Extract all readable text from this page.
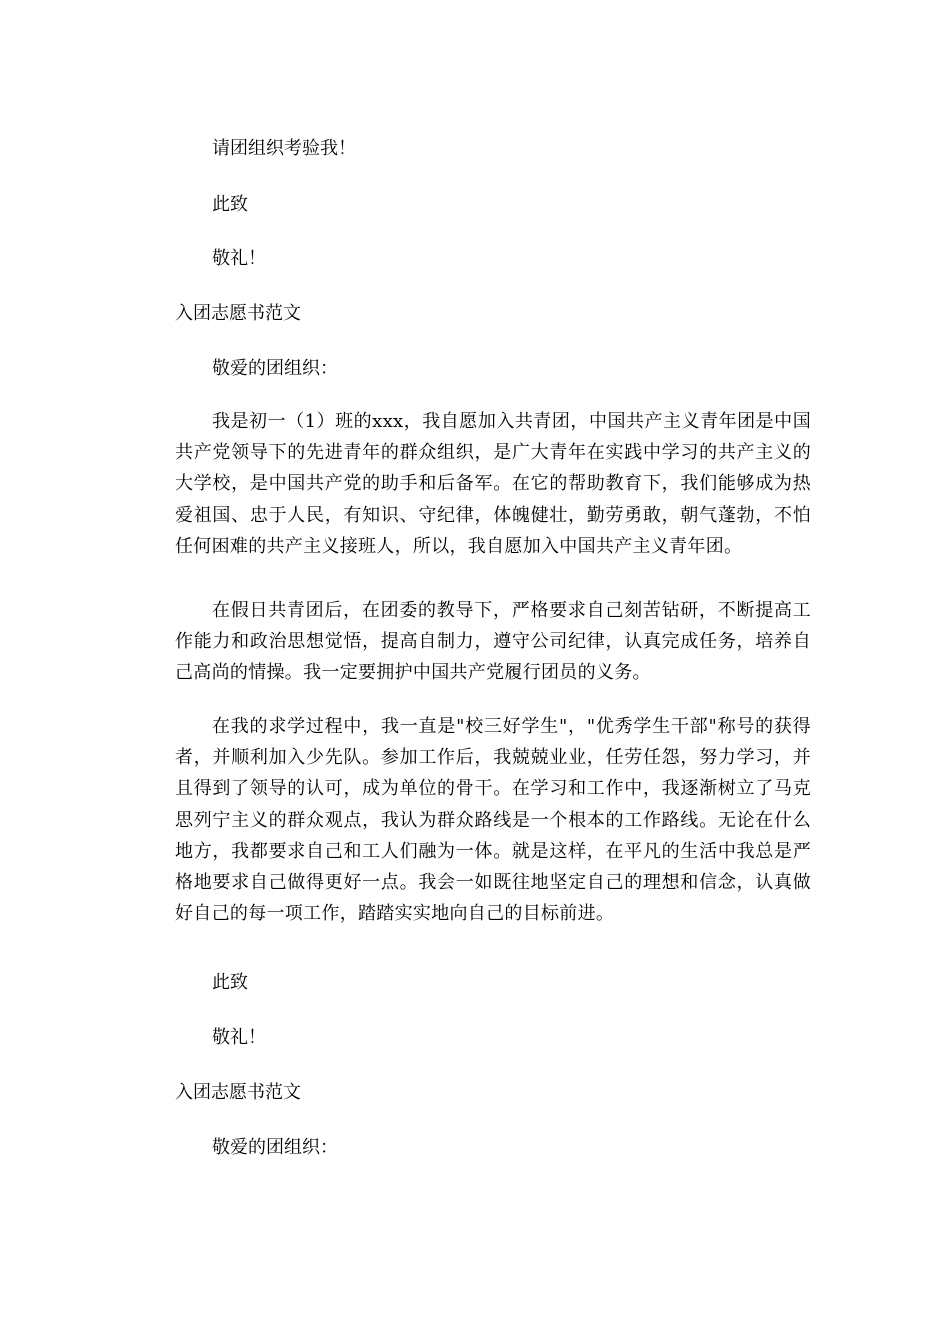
请团组织考验我！

此致

敬礼！

入团志愿书范文

敬爱的团组织：

我是初一（1）班的xxx，我自愿加入共青团，中国共产主义青年团是中国共产党领导下的先进青年的群众组织，是广大青年在实践中学习的共产主义的大学校，是中国共产党的助手和后备军。在它的帮助教育下，我们能够成为热爱祖国、忠于人民，有知识、守纪律，体魄健壮，勤劳勇敢，朝气蓬勃，不怕任何困难的共产主义接班人，所以，我自愿加入中国共产主义青年团。

在假日共青团后，在团委的教导下，严格要求自己刻苦钻研，不断提高工作能力和政治思想觉悟，提高自制力，遵守公司纪律，认真完成任务，培养自己高尚的情操。我一定要拥护中国共产党履行团员的义务。

在我的求学过程中，我一直是"校三好学生"，"优秀学生干部"称号的获得者，并顺利加入少先队。参加工作后，我兢兢业业，任劳任怨，努力学习，并且得到了领导的认可，成为单位的骨干。在学习和工作中，我逐渐树立了马克思列宁主义的群众观点，我认为群众路线是一个根本的工作路线。无论在什么地方，我都要求自己和工人们融为一体。就是这样，在平凡的生活中我总是严格地要求自己做得更好一点。我会一如既往地坚定自己的理想和信念，认真做好自己的每一项工作，踏踏实实地向自己的目标前进。

此致

敬礼！

入团志愿书范文

敬爱的团组织：
